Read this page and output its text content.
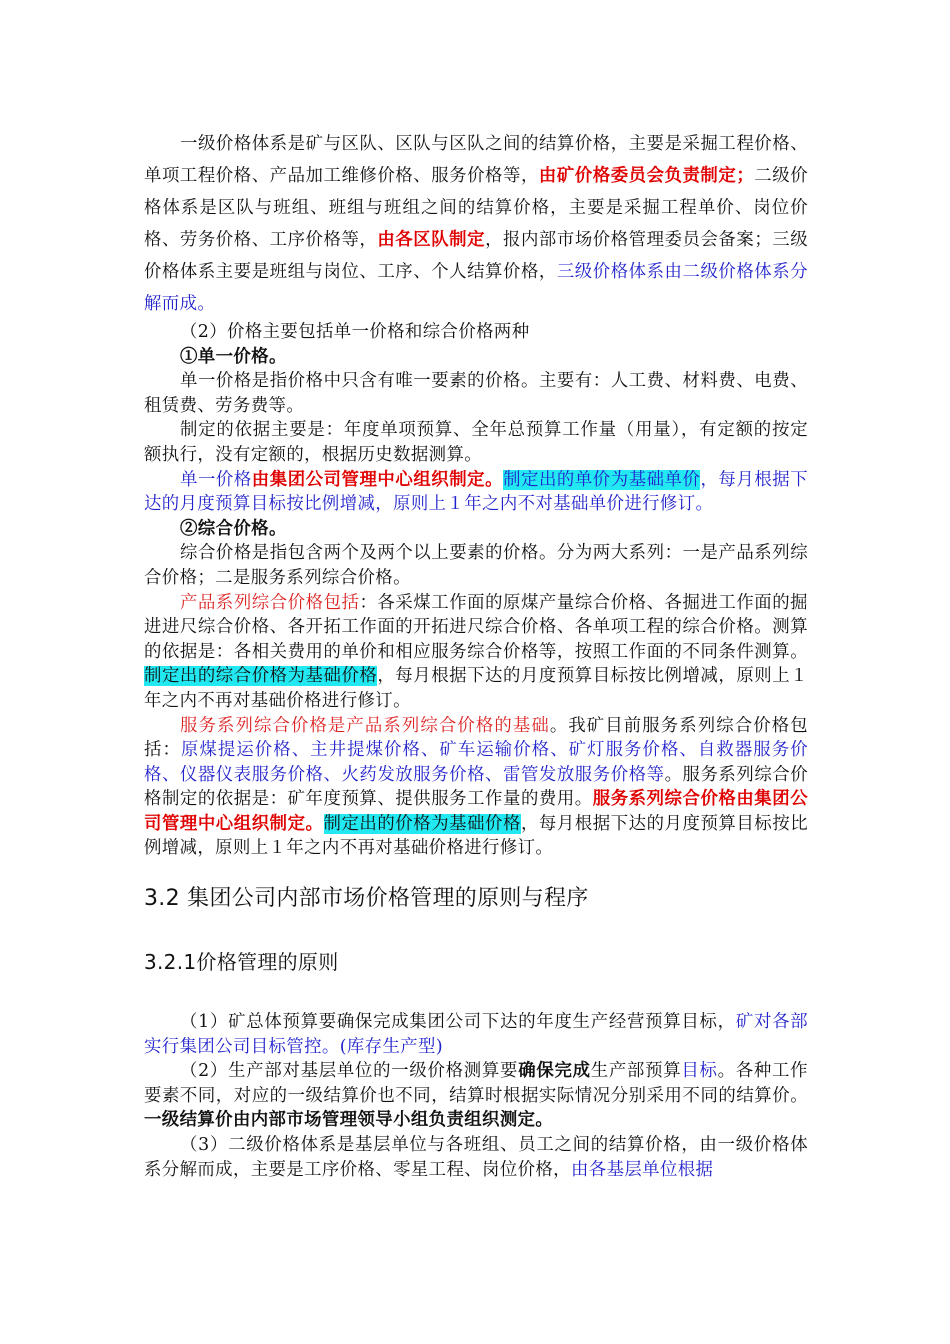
一级价格体系是矿与区队、区队与区队之间的结算价格，主要是采掘工程价格、单项工程价格、产品加工维修价格、服务价格等，由矿价格委员会负责制定；二级价格体系是区队与班组、班组与班组之间的结算价格，主要是采掘工程单价、岗位价格、劳务价格、工序价格等，由各区队制定，报内部市场价格管理委员会备案；三级价格体系主要是班组与岗位、工序、个人结算价格，三级价格体系由二级价格体系分解而成。

（2）价格主要包括单一价格和综合价格两种

①单一价格。

单一价格是指价格中只含有唯一要素的价格。主要有：人工费、材料费、电费、租赁费、劳务费等。

制定的依据主要是：年度单项预算、全年总预算工作量（用量），有定额的按定额执行，没有定额的，根据历史数据测算。

单一价格由集团公司管理中心组织制定。制定出的单价为基础单价，每月根据下达的月度预算目标按比例增减，原则上１年之内不对基础单价进行修订。

②综合价格。

综合价格是指包含两个及两个以上要素的价格。分为两大系列：一是产品系列综合价格；二是服务系列综合价格。

产品系列综合价格包括：各采煤工作面的原煤产量综合价格、各掘进工作面的掘进进尺综合价格、各开拓工作面的开拓进尺综合价格、各单项工程的综合价格。测算的依据是：各相关费用的单价和相应服务综合价格等，按照工作面的不同条件测算。制定出的综合价格为基础价格，每月根据下达的月度预算目标按比例增减，原则上１年之内不再对基础价格进行修订。

服务系列综合价格是产品系列综合价格的基础。我矿目前服务系列综合价格包括：原煤提运价格、主井提煤价格、矿车运输价格、矿灯服务价格、自救器服务价格、仪器仪表服务价格、火药发放服务价格、雷管发放服务价格等。服务系列综合价格制定的依据是：矿年度预算、提供服务工作量的费用。服务系列综合价格由集团公司管理中心组织制定。制定出的价格为基础价格，每月根据下达的月度预算目标按比例增减，原则上１年之内不再对基础价格进行修订。

3.2 集团公司内部市场价格管理的原则与程序
3.2.1价格管理的原则

（1）矿总体预算要确保完成集团公司下达的年度生产经营预算目标，矿对各部实行集团公司目标管控。(库存生产型)

（2）生产部对基层单位的一级价格测算要确保完成生产部预算目标。各种工作要素不同，对应的一级结算价也不同，结算时根据实际情况分别采用不同的结算价。一级结算价由内部市场管理领导小组负责组织测定。

（3）二级价格体系是基层单位与各班组、员工之间的结算价格，由一级价格体系分解而成，主要是工序价格、零星工程、岗位价格，由各基层单位根据
